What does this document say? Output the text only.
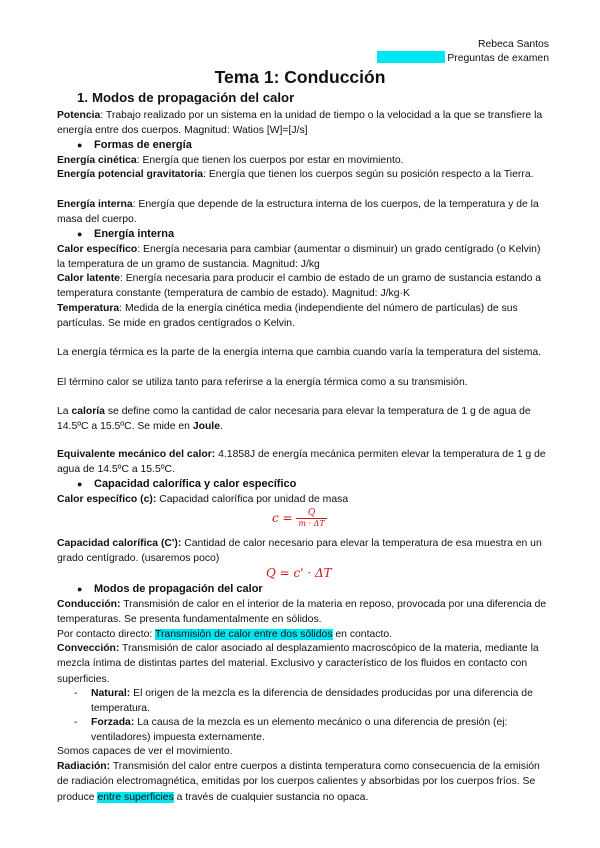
Rebeca Santos
Preguntas de examen
Tema 1: Conducción
1. Modos de propagación del calor

Potencia: Trabajo realizado por un sistema en la unidad de tiempo o la velocidad a la que se transfiere la energía entre dos cuerpos. Magnitud: Watios [W]=[J/s]

● Formas de energía

Energía cinética: Energía que tienen los cuerpos por estar en movimiento.

Energía potencial gravitatoria: Energía que tienen los cuerpos según su posición respecto a la Tierra.

Energía interna: Energía que depende de la estructura interna de los cuerpos, de la temperatura y de la masa del cuerpo.

● Energía interna

Calor específico: Energía necesaria para cambiar (aumentar o disminuir) un grado centígrado (o Kelvin) la temperatura de un gramo de sustancia. Magnitud: J/kg

Calor latente: Energía necesaria para producir el cambio de estado de un gramo de sustancia estando a temperatura constante (temperatura de cambio de estado). Magnitud: J/kg·K

Temperatura: Medida de la energía cinética media (independiente del número de partículas) de sus partículas. Se mide en grados centígrados o Kelvin.

La energía térmica es la parte de la energía interna que cambia cuando varía la temperatura del sistema.

El término calor se utiliza tanto para referirse a la energía térmica como a su transmisión.

La caloría se define como la cantidad de calor necesaria para elevar la temperatura de 1 g de agua de 14.5ºC a 15.5ºC. Se mide en Joule.

Equivalente mecánico del calor: 4.1858J de energía mecánica permiten elevar la temperatura de 1 g de agua de 14.5ºC a 15.5ºC.

● Capacidad calorífica y calor específico

Calor específico (c): Capacidad calorífica por unidad de masa

$c = \frac{Q}{m \cdot \Delta T}$

Capacidad calorífica (C'): Cantidad de calor necesario para elevar la temperatura de esa muestra en un grado centígrado. (usaremos poco)

Q = c' · ΔT
● Modos de propagación del calor

Conducción: Transmisión de calor en el interior de la materia en reposo, provocada por una diferencia de temperaturas. Se presenta fundamentalmente en sólidos.

Por contacto directo: Transmisión de calor entre dos sólidos en contacto.

Convección: Transmisión de calor asociado al desplazamiento macroscópico de la materia, mediante la mezcla íntima de distintas partes del material. Exclusivo y característico de los fluidos en contacto con superficies.

- Natural: El origen de la mezcla es la diferencia de densidades producidas por una diferencia de temperatura.

- Forzada: La causa de la mezcla es un elemento mecánico o una diferencia de presión (ej: ventiladores) impuesta externamente.

Somos capaces de ver el movimiento.

Radiación: Transmisión del calor entre cuerpos a distinta temperatura como consecuencia de la emisión de radiación electromagnética, emitidas por los cuerpos calientes y absorbidas por los cuerpos fríos. Se produce entre superficies a través de cualquier sustancia no opaca.
